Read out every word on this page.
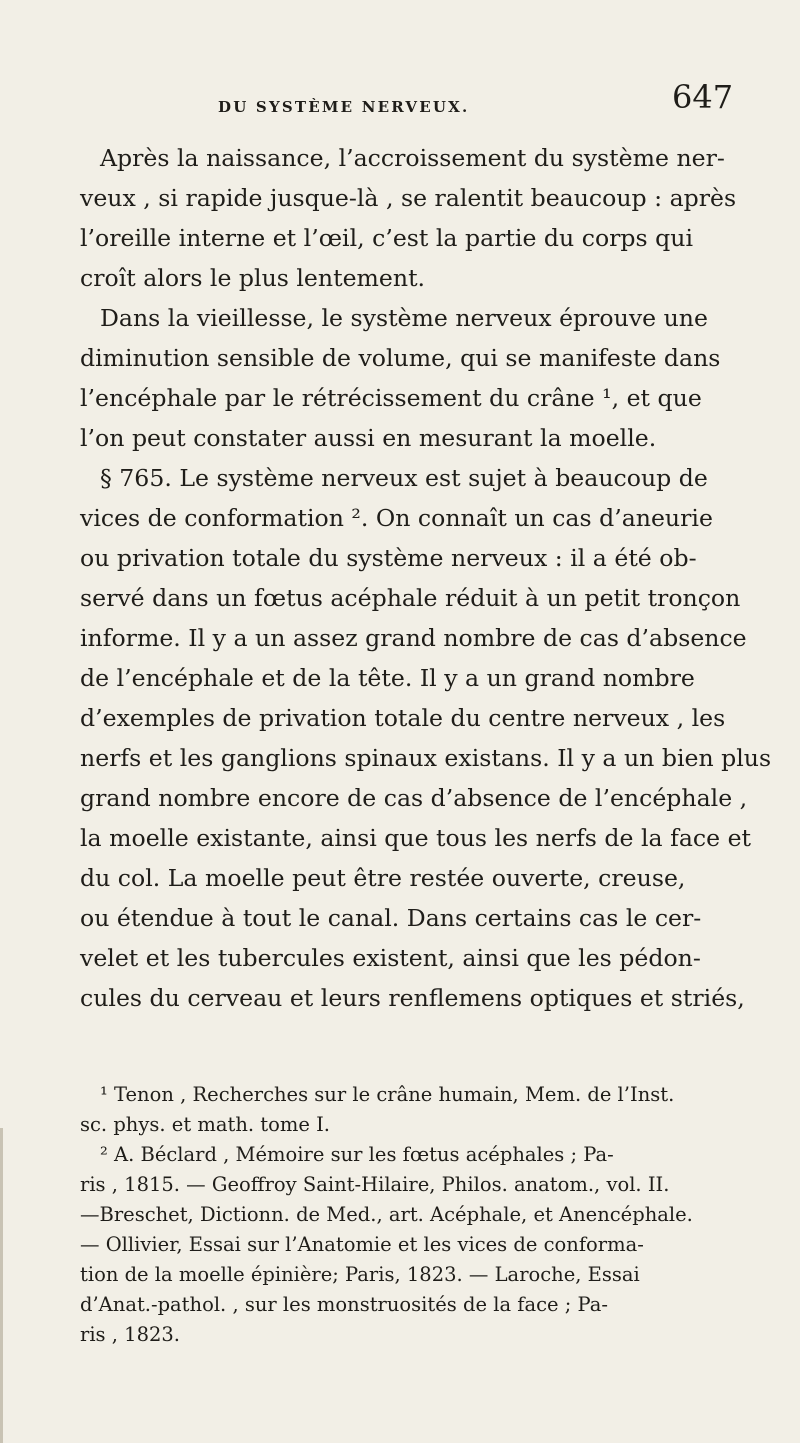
DU SYSTÈME NERVEUX.	647
Après la naissance, l’accroissement du système ner-
veux , si rapide jusque-là , se ralentit beaucoup : après
l’oreille interne et l’œil, c’est la partie du corps qui
croît alors le plus lentement.
Dans la vieillesse, le système nerveux éprouve une
diminution sensible de volume, qui se manifeste dans
l’encéphale par le rétrécissement du crâne ¹, et que
l’on peut constater aussi en mesurant la moelle.
§ 765. Le système nerveux est sujet à beaucoup de
vices de conformation ². On connaît un cas d’aneurie
ou privation totale du système nerveux : il a été ob-
servé dans un fœtus acéphale réduit à un petit tronçon
informe. Il y a un assez grand nombre de cas d’absence
de l’encéphale et de la tête. Il y a un grand nombre
d’exemples de privation totale du centre nerveux , les
nerfs et les ganglions spinaux existans. Il y a un bien plus
grand nombre encore de cas d’absence de l’encéphale ,
la moelle existante, ainsi que tous les nerfs de la face et
du col. La moelle peut être restée ouverte, creuse,
ou étendue à tout le canal. Dans certains cas le cer-
velet et les tubercules existent, ainsi que les pédon-
cules du cerveau et leurs renflemens optiques et striés,
¹ Tenon , Recherches sur le crâne humain, Mem. de l’Inst.
sc. phys. et math. tome I.
² A. Béclard , Mémoire sur les fœtus acéphales ; Pa-
ris , 1815. — Geoffroy Saint-Hilaire, Philos. anatom., vol. II.
—Breschet, Dictionn. de Med., art. Acéphale, et Anencéphale.
— Ollivier, Essai sur l’Anatomie et les vices de conforma-
tion de la moelle épinière; Paris, 1823. — Laroche, Essai
d’Anat.-pathol. , sur les monstruosités de la face ; Pa-
ris , 1823.
